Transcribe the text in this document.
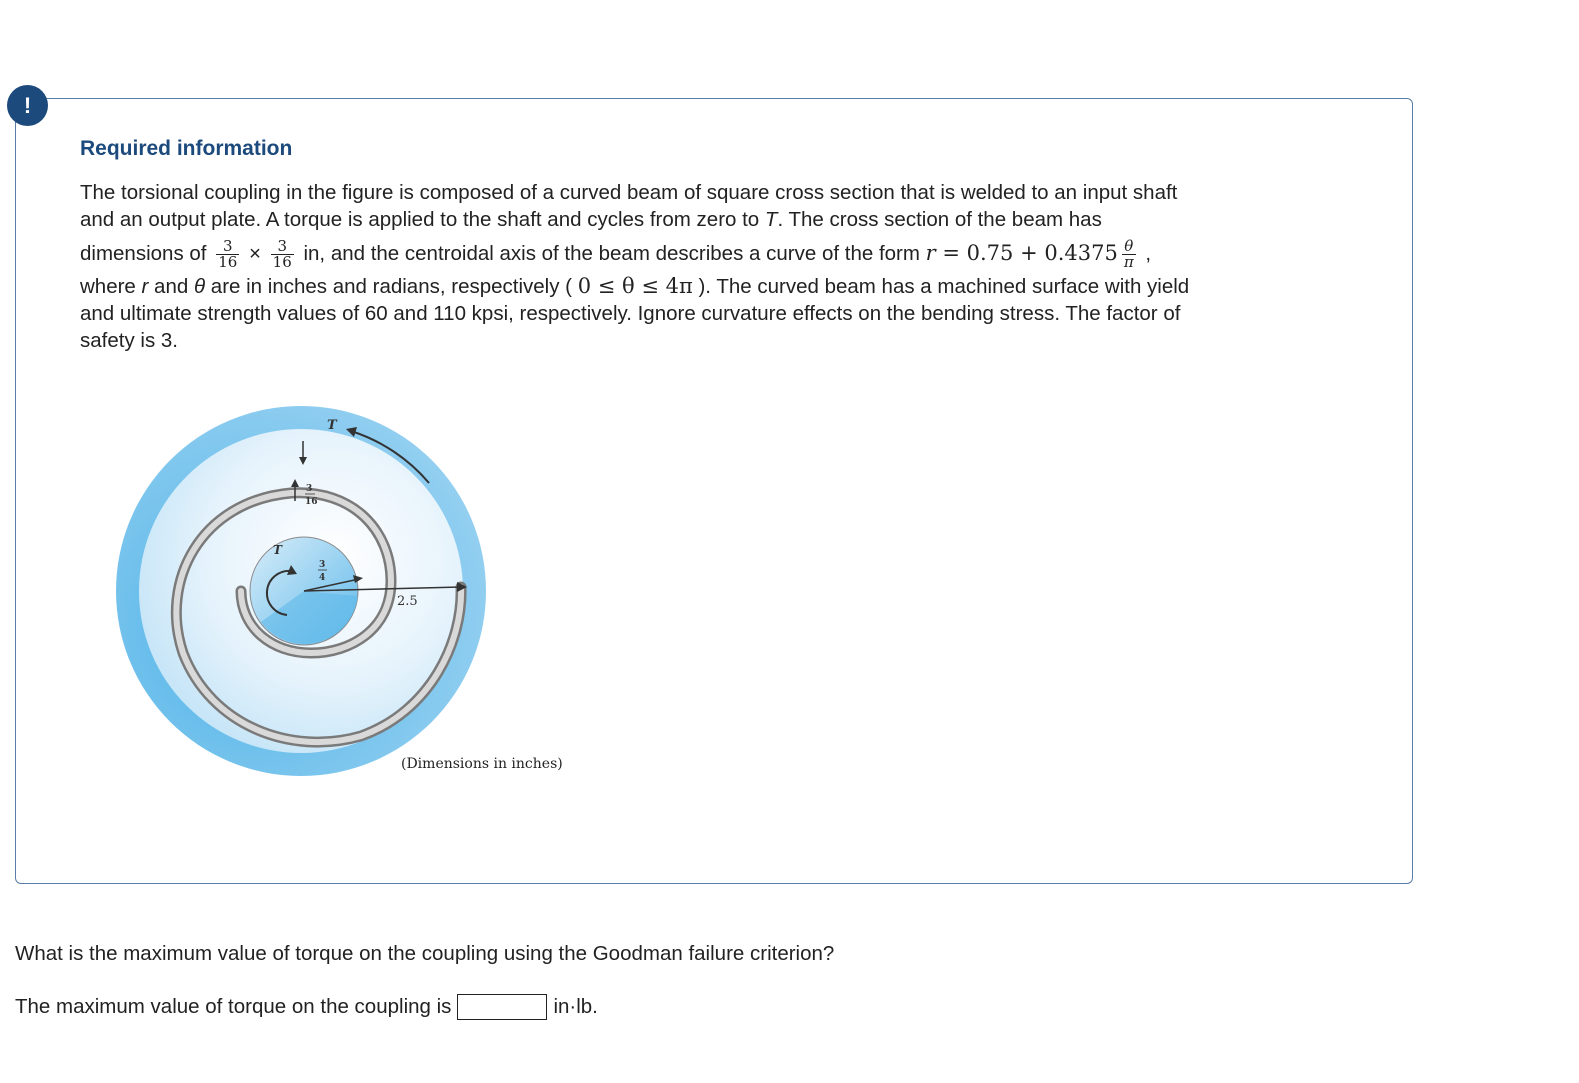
!
Required information
The torsional coupling in the figure is composed of a curved beam of square cross section that is welded to an input shaft
and an output plate. A torque is applied to the shaft and cycles from zero to T. The cross section of the beam has
dimensions of $\frac{3}{16} \times \frac{3}{16}$ in, and the centroidal axis of the beam describes a curve of the form $r = 0.75 + 0.4375 \frac{\theta}{\pi}$ ,
where r and θ are in inches and radians, respectively ( 0 ≤ θ ≤ 4π ). The curved beam has a machined surface with yield
and ultimate strength values of 60 and 110 kpsi, respectively. Ignore curvature effects on the bending stress. The factor of
safety is 3.
T
T
3
16
3
4
2.5
(Dimensions in inches)
What is the maximum value of torque on the coupling using the Goodman failure criterion?
The maximum value of torque on the coupling is	in·lb.
